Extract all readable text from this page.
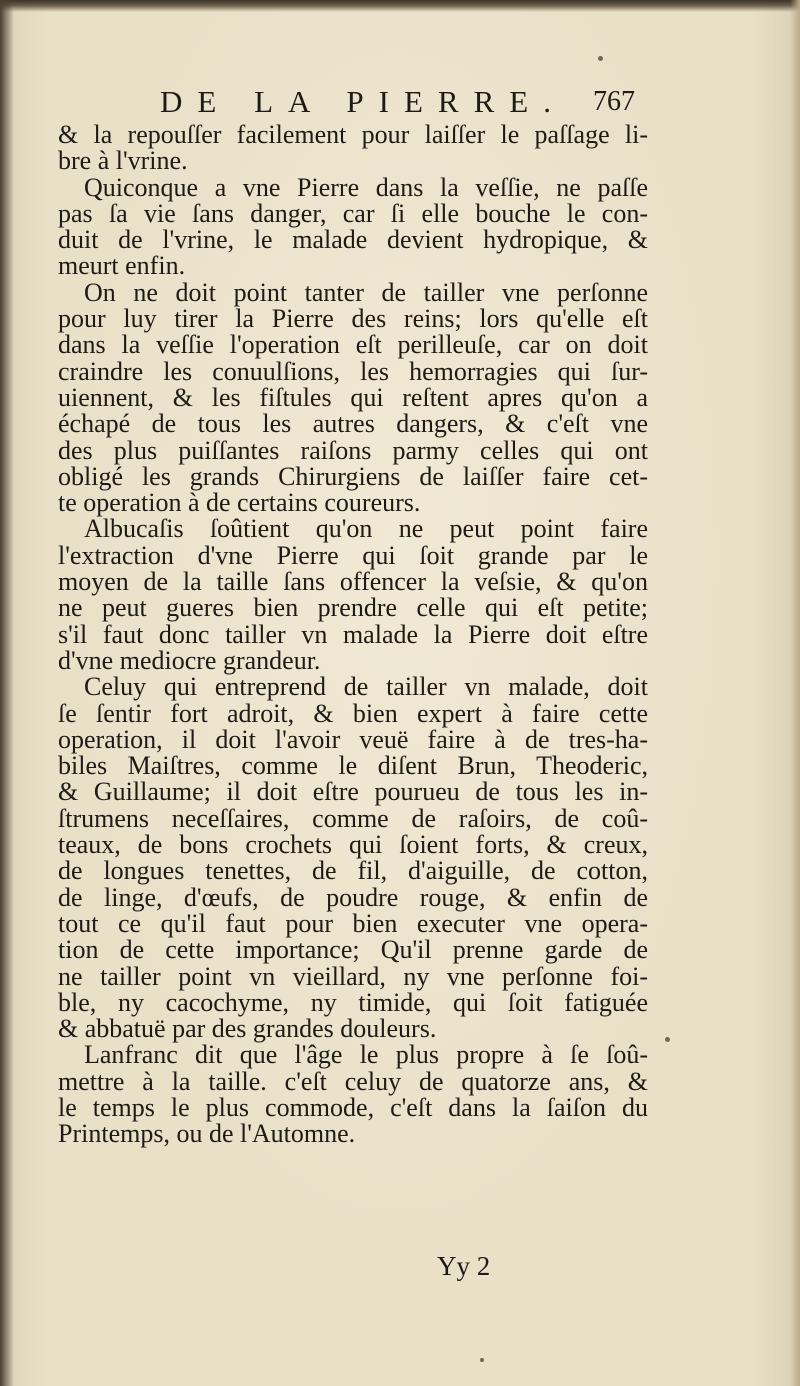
DE LA PIERRE. 767
& la repouſſer facilement pour laiſſer le paſſage li-
bre à l'vrine.
Quiconque a vne Pierre dans la veſſie, ne paſſe
pas ſa vie ſans danger, car ſi elle bouche le con-
duit de l'vrine, le malade devient hydropique, &
meurt enfin.
On ne doit point tanter de tailler vne perſonne
pour luy tirer la Pierre des reins; lors qu'elle eſt
dans la veſſie l'operation eſt perilleuſe, car on doit
craindre les conuulſions, les hemorragies qui ſur-
uiennent, & les fiſtules qui reſtent apres qu'on a
échapé de tous les autres dangers, & c'eſt vne
des plus puiſſantes raiſons parmy celles qui ont
obligé les grands Chirurgiens de laiſſer faire cet-
te operation à de certains coureurs.
Albucaſis ſoûtient qu'on ne peut point faire
l'extraction d'vne Pierre qui ſoit grande par le
moyen de la taille ſans offencer la veſsie, & qu'on
ne peut gueres bien prendre celle qui eſt petite;
s'il faut donc tailler vn malade la Pierre doit eſtre
d'vne mediocre grandeur.
Celuy qui entreprend de tailler vn malade, doit
ſe ſentir fort adroit, & bien expert à faire cette
operation, il doit l'avoir veuë faire à de tres-ha-
biles Maiſtres, comme le diſent Brun, Theoderic,
& Guillaume; il doit eſtre pourueu de tous les in-
ſtrumens neceſſaires, comme de raſoirs, de coû-
teaux, de bons crochets qui ſoient forts, & creux,
de longues tenettes, de fil, d'aiguille, de cotton,
de linge, d'œufs, de poudre rouge, & enfin de
tout ce qu'il faut pour bien executer vne opera-
tion de cette importance; Qu'il prenne garde de
ne tailler point vn vieillard, ny vne perſonne foi-
ble, ny cacochyme, ny timide, qui ſoit fatiguée
& abbatuë par des grandes douleurs.
Lanfranc dit que l'âge le plus propre à ſe ſoû-
mettre à la taille. c'eſt celuy de quatorze ans, &
le temps le plus commode, c'eſt dans la ſaiſon du
Printemps, ou de l'Automne.
Yy 2
